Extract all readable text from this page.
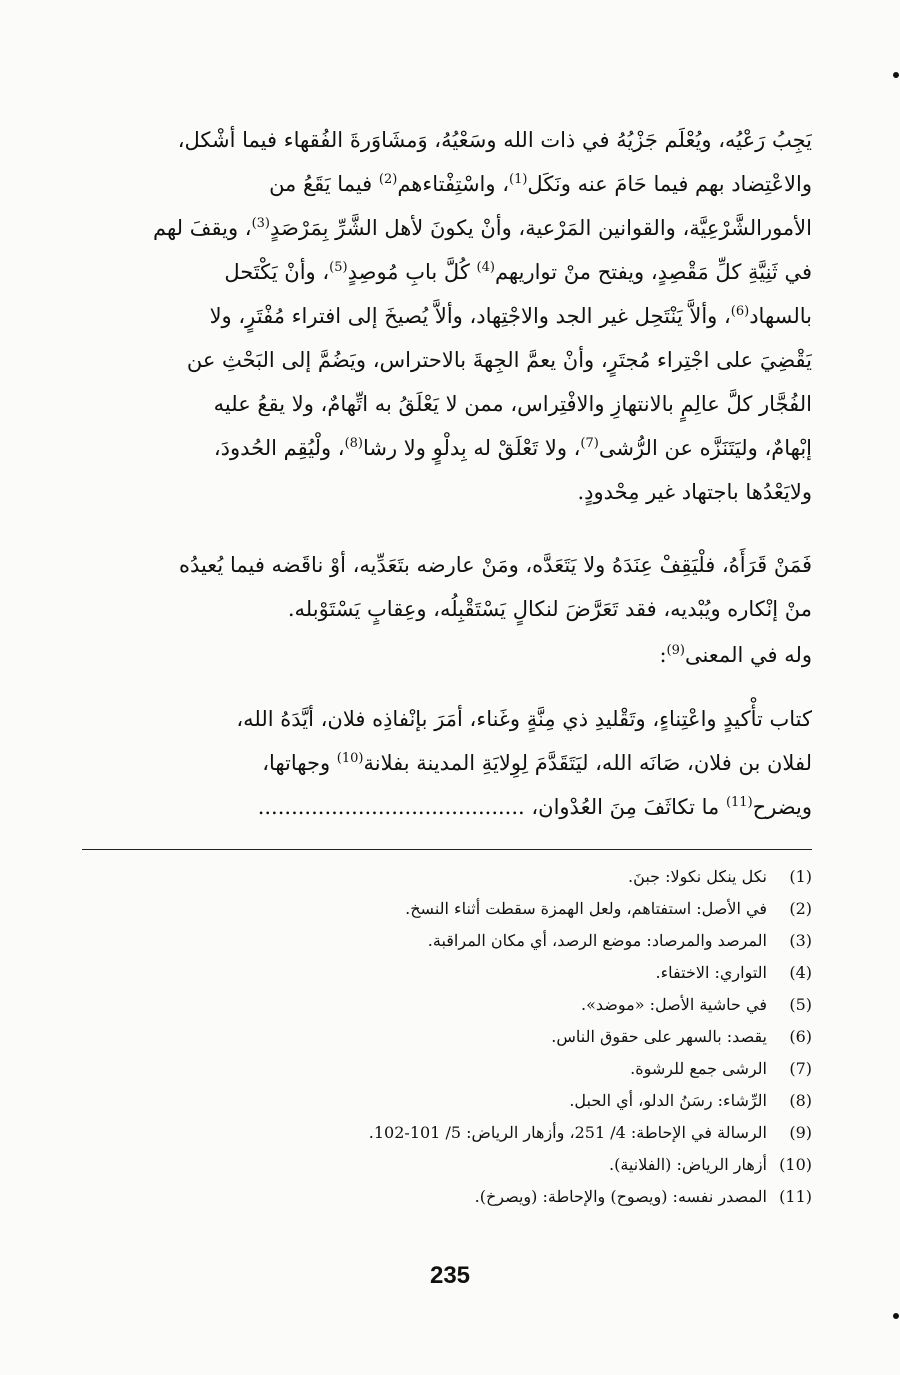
يَجِبُ رَعْيُه، ويُعْلَم جَزْيُهُ في ذات الله وسَعْيُهُ، وَمشَاوَرةَ الفُقهاء فيما أشْكل،
والاعْتِضاد بهم فيما حَامَ عنه ونَكَل$^{(1)}$، واسْتِفْتاءهم$^{(2)}$ فيما يَقَعُ من
الأمورالشَّرْعِيَّة، والقوانين المَرْعية، وأنْ يكونَ لأهل الشَّرِّ بِمَرْصَدٍ$^{(3)}$، ويقفَ لهم
في ثَنِيَّةِ كلِّ مَقْصِدٍ، ويفتح منْ تواريهم$^{(4)}$ كُلَّ بابِ مُوصِدٍ$^{(5)}$، وأنْ يَكْتَحل
بالسهاد$^{(6)}$، وألاَّ يَنْتَحِل غير الجد والاجْتِهاد، وألاَّ يُصيخَ إلى افتراء مُفْتَرٍ، ولا
يَقْضِيَ على اجْتِراء مُجتَرٍ، وأنْ يعمَّ الجِهةَ بالاحتراس، ويَضُمَّ إلى البَحْثِ عن
الفُجَّار كلَّ عالِمٍ بالانتهازِ والافْتِراس، ممن لا يَعْلَقُ به اتِّهامٌ، ولا يقعُ عليه
إبْهامٌ، وليَتَنَزَّه عن الرُّشى$^{(7)}$، ولا تَعْلَقْ له بِدلْوٍ ولا رشا$^{(8)}$، ولْيُقِم الحُدودَ،
ولايَعْدُها باجتهاد غير مِحْدودٍ.
فَمَنْ قَرَأَهُ، فلْيَقِفْ عِنَدَهُ ولا يَتَعَدَّه، ومَنْ عارضه بتَعَدِّيه، أوْ ناقَضه فيما يُعيدُه
منْ إنْكاره ويُبْديه، فقد تَعَرَّضَ لنكالٍ يَسْتَقْبِلُه، وعِقابٍ يَسْتَوْبله.
وله في المعنى$^{(9)}$:
كتاب تأْكيدٍ واعْتِناءٍ، وتَقْليدِ ذي مِنَّةٍ وغَناء، أمَرَ بإنْفاذِه فلان، أيَّدَهُ الله،
لفلان بن فلان، صَانَه الله، ليَتَقَدَّمَ لِوِلايَةِ المدينة بفلانة$^{(10)}$ وجهاتها،
ويضرح$^{(11)}$ ما تكاثَفَ مِنَ العُدْوان، ........................................
(1)
نكل ينكل نكولا: جبنَ.
(2)
في الأصل: استفتاهم، ولعل الهمزة سقطت أثناء النسخ.
(3)
المرصد والمرصاد: موضع الرصد، أي مكان المراقبة.
(4)
التواري: الاختفاء.
(5)
في حاشية الأصل: «موضد».
(6)
يقصد: بالسهر على حقوق الناس.
(7)
الرشى جمع للرشوة.
(8)
الرِّشاء: رسَنُ الدلو، أي الحبل.
(9)
الرسالة في الإحاطة: 4/ 251، وأزهار الرياض: 5/ 101-102.
(10)
أزهار الرياض: (الفلانية).
(11)
المصدر نفسه: (ويصوح) والإحاطة: (ويصرخ).
235
